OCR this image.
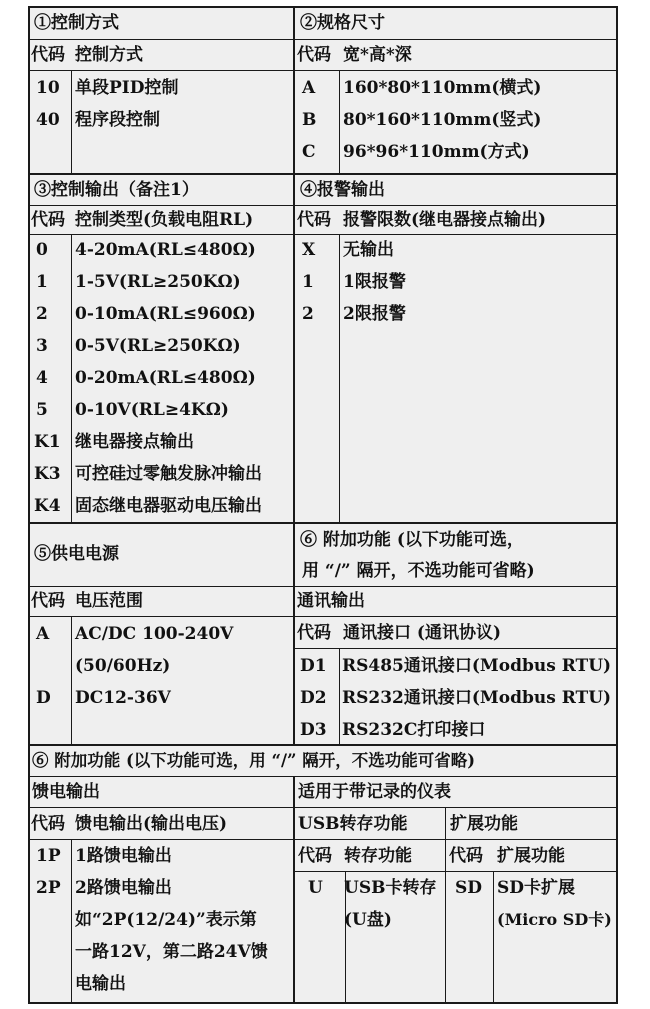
①控制方式
代码 控制方式
10 单段PID控制
40 程序段控制
②规格尺寸
代码 宽*高*深
A 160*80*110mm(横式)
B 80*160*110mm(竖式)
C 96*96*110mm(方式)
③控制输出（备注1）
代码 控制类型(负载电阻RL)
0 4-20mA(RL≤480Ω)
1 1-5V(RL≥250KΩ)
2 0-10mA(RL≤960Ω)
3 0-5V(RL≥250KΩ)
4 0-20mA(RL≤480Ω)
5 0-10V(RL≥4KΩ)
K1 继电器接点输出
K3 可控硅过零触发脉冲输出
K4 固态继电器驱动电压输出
④报警输出
代码 报警限数(继电器接点输出)
X 无输出
1 1限报警
2 2限报警
⑤供电电源
代码 电压范围
A AC/DC 100-240V
(50/60Hz)
D DC12-36V
⑥ 附加功能 (以下功能可选，
用 “/” 隔开，不选功能可省略)
通讯输出
代码 通讯接口 (通讯协议)
D1 RS485通讯接口(Modbus RTU)
D2 RS232通讯接口(Modbus RTU)
D3 RS232C打印接口
⑥ 附加功能 (以下功能可选，用 “/” 隔开，不选功能可省略)
馈电输出
代码 馈电输出(输出电压)
1P 1路馈电输出
2P 2路馈电输出
如“2P(12/24)”表示第
一路12V，第二路24V馈
电输出
适用于带记录的仪表
USB转存功能	扩展功能
代码 转存功能 代码 扩展功能
U USB卡转存
(U盘)
SD SD卡扩展
(Micro SD卡)
